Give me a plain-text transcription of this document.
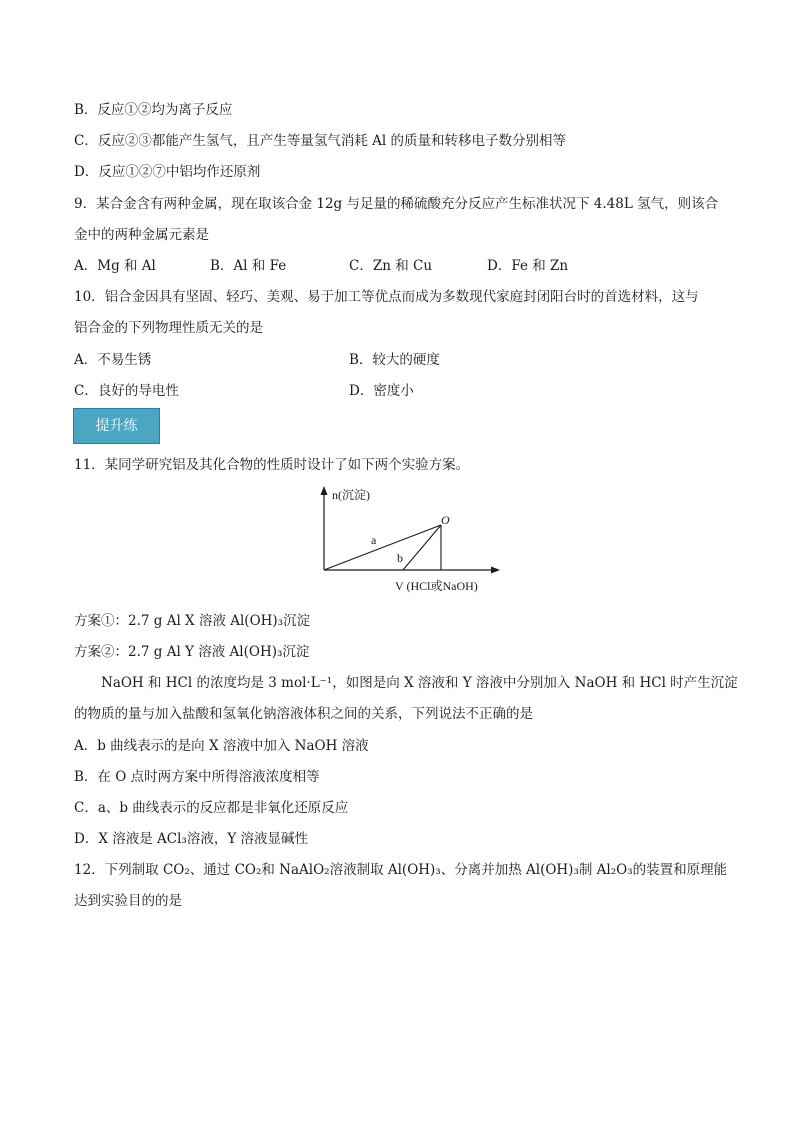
B．反应①②均为离子反应
C．反应②③都能产生氢气，且产生等量氢气消耗 Al 的质量和转移电子数分别相等
D．反应①②⑦中铝均作还原剂
9．某合金含有两种金属，现在取该合金 12g 与足量的稀硫酸充分反应产生标准状况下 4.48L 氢气，则该合
金中的两种金属元素是
A．Mg 和 Al	B．Al 和 Fe	C．Zn 和 Cu	D．Fe 和 Zn
10．铝合金因具有坚固、轻巧、美观、易于加工等优点而成为多数现代家庭封闭阳台时的首选材料，这与
铝合金的下列物理性质无关的是
A．不易生锈	B．较大的硬度
C．良好的导电性	D．密度小
提升练
11．某同学研究铝及其化合物的性质时设计了如下两个实验方案。
n(沉淀)
O
a
b
V (HCl或NaOH)
方案①：2.7 g Al X 溶液 Al(OH)₃沉淀
方案②：2.7 g Al Y 溶液 Al(OH)₃沉淀
NaOH 和 HCl 的浓度均是 3 mol·L⁻¹，如图是向 X 溶液和 Y 溶液中分别加入 NaOH 和 HCl 时产生沉淀
的物质的量与加入盐酸和氢氧化钠溶液体积之间的关系，下列说法不正确的是
A．b 曲线表示的是向 X 溶液中加入 NaOH 溶液
B．在 O 点时两方案中所得溶液浓度相等
C．a、b 曲线表示的反应都是非氧化还原反应
D．X 溶液是 ACl₃溶液，Y 溶液显碱性
12．下列制取 CO₂、通过 CO₂和 NaAlO₂溶液制取 Al(OH)₃、分离并加热 Al(OH)₃制 Al₂O₃的装置和原理能
达到实验目的的是
